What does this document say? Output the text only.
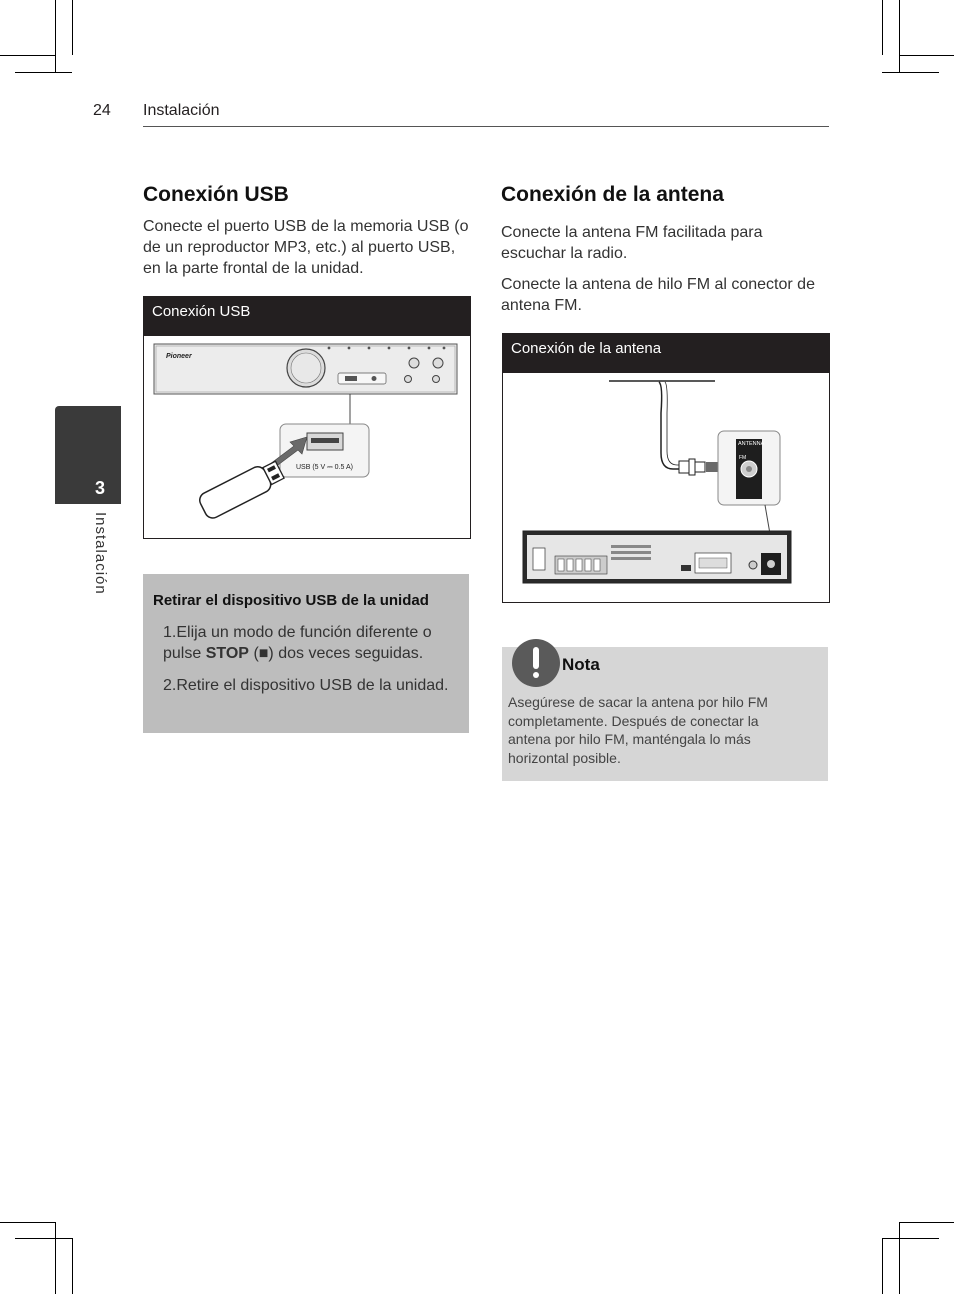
24 Instalación
3
Instalación
Conexión USB

Conecte el puerto USB de la memoria USB (o de un reproductor MP3, etc.) al puerto USB, en la parte frontal de la unidad.

Conexión USB
Pioneer
USB (5 V ⎓ 0.5 A)
Retirar el dispositivo USB de la unidad
1.Elija un modo de función diferente o pulse STOP (■) dos veces seguidas.
2.Retire el dispositivo USB de la unidad.
Conexión de la antena

Conecte la antena FM facilitada para escuchar la radio.

Conecte la antena de hilo FM al conector de antena FM.

Conexión de la antena
ANTENNA
FM
Nota
Asegúrese de sacar la antena por hilo FM completamente. Después de conectar la antena por hilo FM, manténgala lo más horizontal posible.
